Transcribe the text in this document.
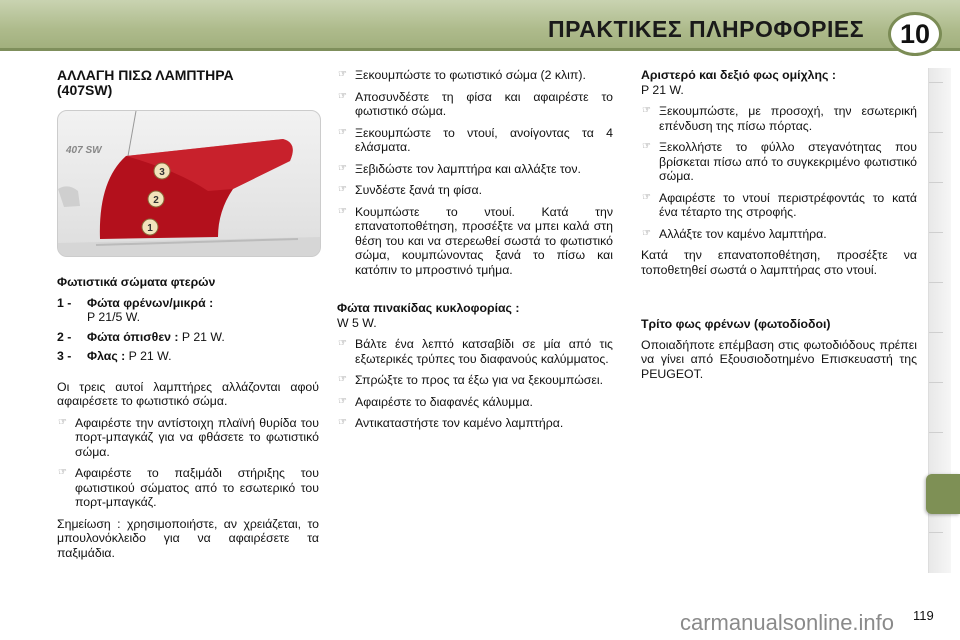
ΠΡΑΚΤΙΚΕΣ ΠΛΗΡΟΦΟΡΙΕΣ	10
ΑΛΛΑΓΗ ΠΙΣΩ ΛΑΜΠΤΗΡΑ
(407SW)
407 SW
3
2
1

Φωτιστικά σώματα φτερών

1 -	Φώτα φρένων/μικρά :
P 21/5 W.
2 -	Φώτα όπισθεν : P 21 W.
3 -	Φλας : P 21 W.

Οι τρεις αυτοί λαμπτήρες αλλάζονται αφού αφαιρέσετε το φωτιστικό σώμα.

☞ Αφαιρέστε την αντίστοιχη πλαϊνή θυρίδα του πορτ-μπαγκάζ για να φθάσετε το φωτιστικό σώμα.
☞ Αφαιρέστε το παξιμάδι στήριξης του φωτιστικού σώματος από το εσωτερικό του πορτ-μπαγκάζ.

Σημείωση : χρησιμοποιήστε, αν χρειάζεται, το μπουλονόκλειδο για να αφαιρέσετε τα παξιμάδια.

☞ Ξεκουμπώστε το φωτιστικό σώμα (2 κλιπ).
☞ Αποσυνδέστε τη φίσα και αφαιρέστε το φωτιστικό σώμα.
☞ Ξεκουμπώστε το ντουί, ανοίγοντας τα 4 ελάσματα.
☞ Ξεβιδώστε τον λαμπτήρα και αλλάξτε τον.
☞ Συνδέστε ξανά τη φίσα.
☞ Κουμπώστε το ντουί. Κατά την επανατοποθέτηση, προσέξτε να μπει καλά στη θέση του και να στερεωθεί σωστά το φωτιστικό σώμα, κουμπώνοντας ξανά το πίσω και κατόπιν το μπροστινό τμήμα.

Φώτα πινακίδας κυκλοφορίας :

W 5 W.

☞ Βάλτε ένα λεπτό κατσαβίδι σε μία από τις εξωτερικές τρύπες του διαφανούς καλύμματος.
☞ Σπρώξτε το προς τα έξω για να ξεκουμπώσει.
☞ Αφαιρέστε το διαφανές κάλυμμα.
☞ Αντικαταστήστε τον καμένο λαμπτήρα.

Αριστερό και δεξιό φως ομίχλης :

P 21 W.

☞ Ξεκουμπώστε, με προσοχή, την εσωτερική επένδυση της πίσω πόρτας.
☞ Ξεκολλήστε το φύλλο στεγανότητας που βρίσκεται πίσω από το συγκεκριμένο φωτιστικό σώμα.
☞ Αφαιρέστε το ντουί περιστρέφοντάς το κατά ένα τέταρτο της στροφής.
☞ Αλλάξτε τον καμένο λαμπτήρα.

Κατά την επανατοποθέτηση, προσέξτε να τοποθετηθεί σωστά ο λαμπτήρας στο ντουί.

Τρίτο φως φρένων (φωτοδίοδοι)

Οποιαδήποτε επέμβαση στις φωτοδιόδους πρέπει να γίνει από Εξουσιοδοτημένο Επισκευαστή της PEUGEOT.

carmanualsonline.info 119
